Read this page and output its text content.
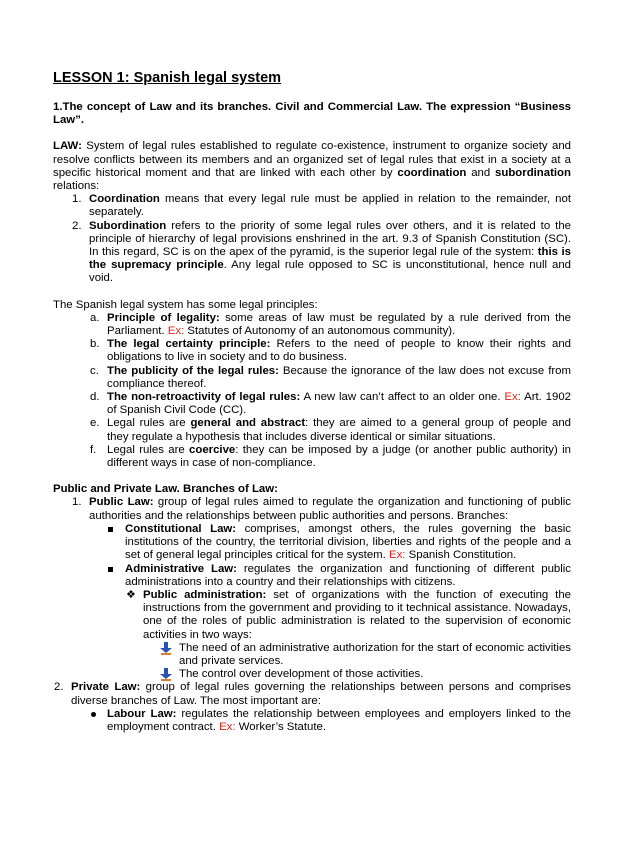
LESSON 1: Spanish legal system
1.The concept of Law and its branches. Civil and Commercial Law. The expression “Business Law”.

LAW: System of legal rules established to regulate co-existence, instrument to organize society and resolve conflicts between its members and an organized set of legal rules that exist in a society at a specific historical moment and that are linked with each other by coordination and subordination relations:

1. Coordination means that every legal rule must be applied in relation to the remainder, not separately.
2. Subordination refers to the priority of some legal rules over others, and it is related to the principle of hierarchy of legal provisions enshrined in the art. 9.3 of Spanish Constitution (SC). In this regard, SC is on the apex of the pyramid, is the superior legal rule of the system: this is the supremacy principle. Any legal rule opposed to SC is unconstitutional, hence null and void.

The Spanish legal system has some legal principles:

a. Principle of legality: some areas of law must be regulated by a rule derived from the Parliament. Ex: Statutes of Autonomy of an autonomous community).
b. The legal certainty principle: Refers to the need of people to know their rights and obligations to live in society and to do business.
c. The publicity of the legal rules: Because the ignorance of the law does not excuse from compliance thereof.
d. The non-retroactivity of legal rules: A new law can’t affect to an older one. Ex: Art. 1902 of Spanish Civil Code (CC).
e. Legal rules are general and abstract: they are aimed to a general group of people and they regulate a hypothesis that includes diverse identical or similar situations.
f. Legal rules are coercive: they can be imposed by a judge (or another public authority) in different ways in case of non-compliance.

Public and Private Law. Branches of Law:

1. Public Law: group of legal rules aimed to regulate the organization and functioning of public authorities and the relationships between public authorities and persons. Branches:
Constitutional Law: comprises, amongst others, the rules governing the basic institutions of the country, the territorial division, liberties and rights of the people and a set of general legal principles critical for the system. Ex: Spanish Constitution.
Administrative Law: regulates the organization and functioning of different public administrations into a country and their relationships with citizens.
❖ Public administration: set of organizations with the function of executing the instructions from the government and providing to it technical assistance. Nowadays, one of the roles of public administration is related to the supervision of economic activities in two ways:
The need of an administrative authorization for the start of economic activities and private services.
The control over development of those activities.
2. Private Law: group of legal rules governing the relationships between persons and comprises diverse branches of Law. The most important are:
Labour Law: regulates the relationship between employees and employers linked to the employment contract. Ex: Worker’s Statute.
